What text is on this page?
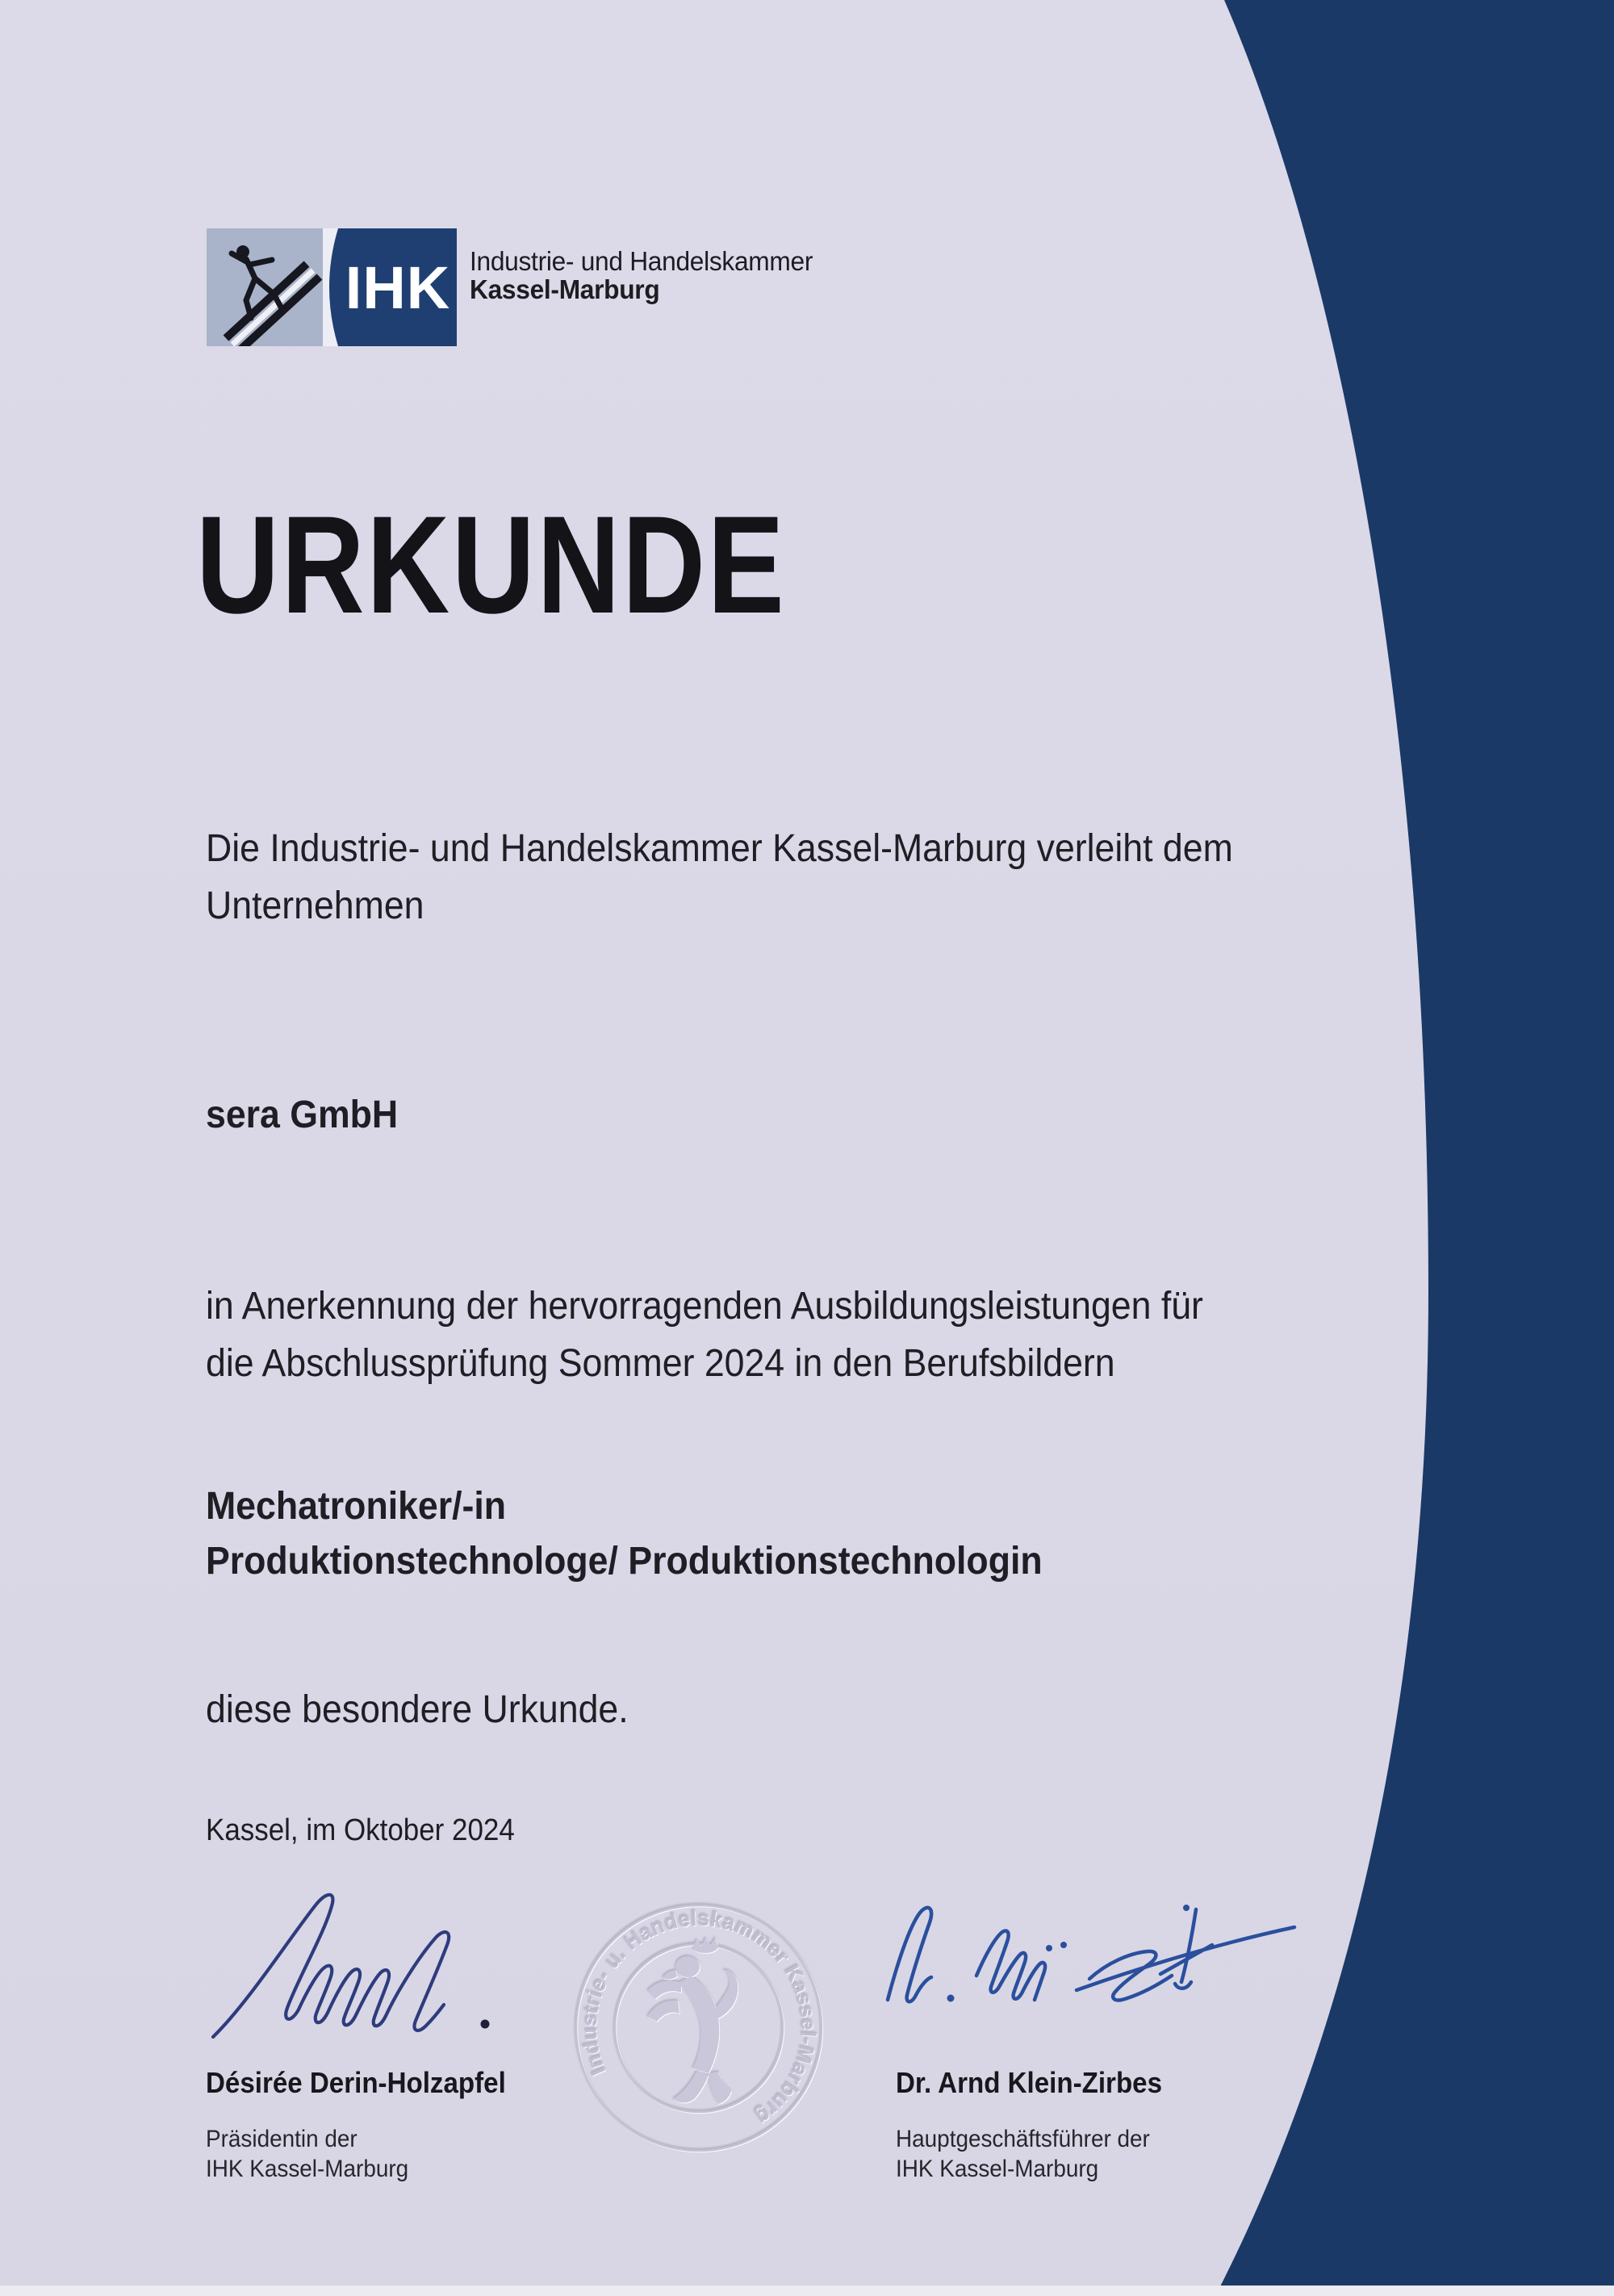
IHK Industrie- und Handelskammer
Kassel-Marburg
URKUNDE
Die Industrie- und Handelskammer Kassel-Marburg verleiht dem
Unternehmen
sera GmbH
in Anerkennung der hervorragenden Ausbildungsleistungen für
die Abschlussprüfung Sommer 2024 in den Berufsbildern
Mechatroniker/-in
Produktionstechnologe/ Produktionstechnologin
diese besondere Urkunde.
Kassel, im Oktober 2024
Industrie- u. Handelskammer Kassel-Marburg
Désirée Derin-Holzapfel
Präsidentin der
IHK Kassel-Marburg
Dr. Arnd Klein-Zirbes
Hauptgeschäftsführer der
IHK Kassel-Marburg
